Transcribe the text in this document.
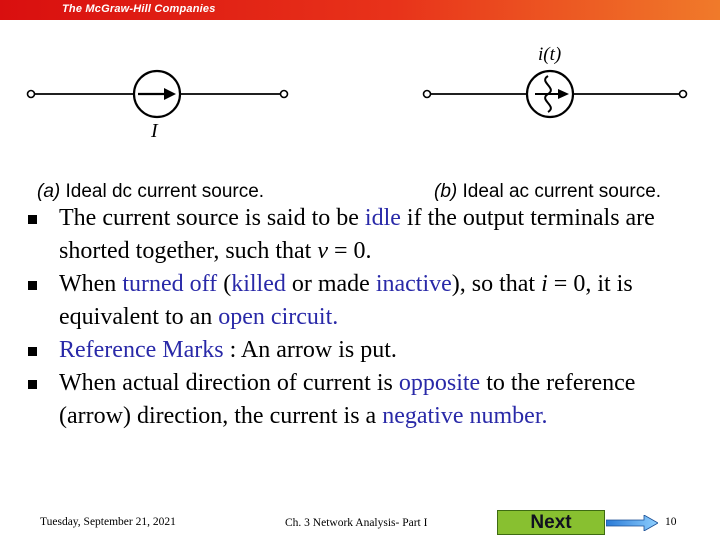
The McGraw-Hill Companies
I
i(t)
(a) Ideal dc current source.	(b) Ideal ac current source.
The current source is said to be idle if the output terminals are shorted together, such that v = 0.
When turned off (killed or made inactive), so that i = 0, it is equivalent to an open circuit.
Reference Marks : An arrow is put.
When actual direction of current is opposite to the reference (arrow) direction, the current is a negative number.
Tuesday, September 21, 2021	Ch. 3 Network Analysis- Part I	Next	10
